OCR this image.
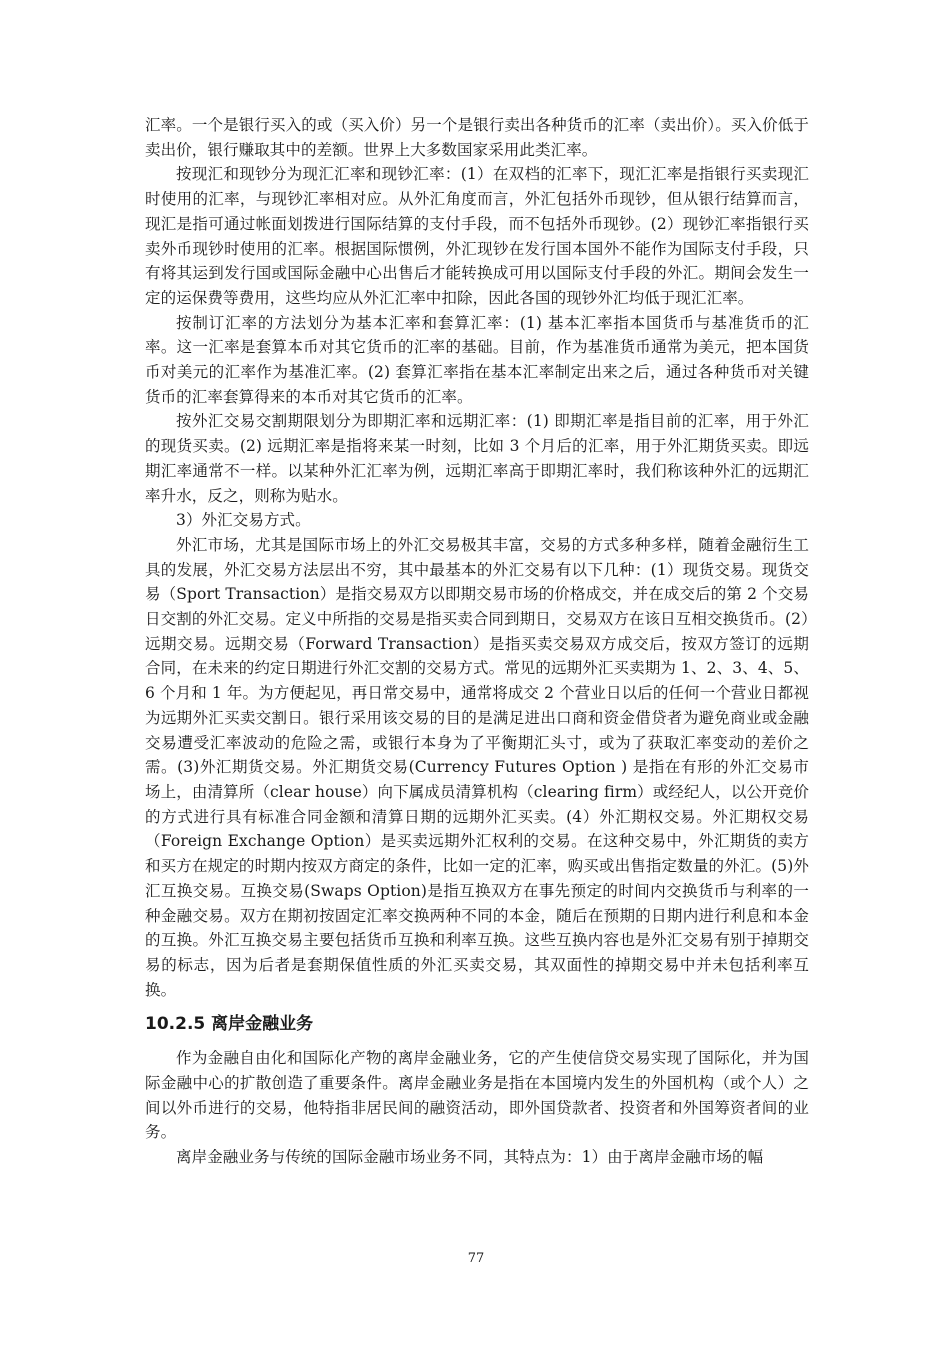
汇率。一个是银行买入的或（买入价）另一个是银行卖出各种货币的汇率（卖出价）。买入价低于卖出价，银行赚取其中的差额。世界上大多数国家采用此类汇率。

按现汇和现钞分为现汇汇率和现钞汇率：(1）在双档的汇率下，现汇汇率是指银行买卖现汇时使用的汇率，与现钞汇率相对应。从外汇角度而言，外汇包括外币现钞，但从银行结算而言，现汇是指可通过帐面划拨进行国际结算的支付手段，而不包括外币现钞。(2）现钞汇率指银行买卖外币现钞时使用的汇率。根据国际惯例，外汇现钞在发行国本国外不能作为国际支付手段，只有将其运到发行国或国际金融中心出售后才能转换成可用以国际支付手段的外汇。期间会发生一定的运保费等费用，这些均应从外汇汇率中扣除，因此各国的现钞外汇均低于现汇汇率。

按制订汇率的方法划分为基本汇率和套算汇率：(1) 基本汇率指本国货币与基准货币的汇率。这一汇率是套算本币对其它货币的汇率的基础。目前，作为基准货币通常为美元，把本国货币对美元的汇率作为基准汇率。(2) 套算汇率指在基本汇率制定出来之后，通过各种货币对关键货币的汇率套算得来的本币对其它货币的汇率。

按外汇交易交割期限划分为即期汇率和远期汇率：(1) 即期汇率是指目前的汇率，用于外汇的现货买卖。(2) 远期汇率是指将来某一时刻，比如 3 个月后的汇率，用于外汇期货买卖。即远期汇率通常不一样。以某种外汇汇率为例，远期汇率高于即期汇率时，我们称该种外汇的远期汇率升水，反之，则称为贴水。

3）外汇交易方式。

外汇市场，尤其是国际市场上的外汇交易极其丰富，交易的方式多种多样，随着金融衍生工具的发展，外汇交易方法层出不穷，其中最基本的外汇交易有以下几种：(1）现货交易。现货交易（Sport Transaction）是指交易双方以即期交易市场的价格成交，并在成交后的第 2 个交易日交割的外汇交易。定义中所指的交易是指买卖合同到期日，交易双方在该日互相交换货币。(2）远期交易。远期交易（Forward Transaction）是指买卖交易双方成交后，按双方签订的远期合同，在未来的约定日期进行外汇交割的交易方式。常见的远期外汇买卖期为 1、2、3、4、5、6 个月和 1 年。为方便起见，再日常交易中，通常将成交 2 个营业日以后的任何一个营业日都视为远期外汇买卖交割日。银行采用该交易的目的是满足进出口商和资金借贷者为避免商业或金融交易遭受汇率波动的危险之需，或银行本身为了平衡期汇头寸，或为了获取汇率变动的差价之需。(3)外汇期货交易。外汇期货交易(Currency Futures Option ) 是指在有形的外汇交易市场上，由清算所（clear house）向下属成员清算机构（clearing firm）或经纪人，以公开竞价的方式进行具有标准合同金额和清算日期的远期外汇买卖。(4）外汇期权交易。外汇期权交易（Foreign Exchange Option）是买卖远期外汇权利的交易。在这种交易中，外汇期货的卖方和买方在规定的时期内按双方商定的条件，比如一定的汇率，购买或出售指定数量的外汇。(5)外汇互换交易。互换交易(Swaps Option)是指互换双方在事先预定的时间内交换货币与利率的一种金融交易。双方在期初按固定汇率交换两种不同的本金，随后在预期的日期内进行利息和本金的互换。外汇互换交易主要包括货币互换和利率互换。这些互换内容也是外汇交易有别于掉期交易的标志，因为后者是套期保值性质的外汇买卖交易，其双面性的掉期交易中并未包括利率互换。

10.2.5 离岸金融业务

作为金融自由化和国际化产物的离岸金融业务，它的产生使信贷交易实现了国际化，并为国际金融中心的扩散创造了重要条件。离岸金融业务是指在本国境内发生的外国机构（或个人）之间以外币进行的交易，他特指非居民间的融资活动，即外国贷款者、投资者和外国筹资者间的业务。

离岸金融业务与传统的国际金融市场业务不同，其特点为：1）由于离岸金融市场的幅

77
